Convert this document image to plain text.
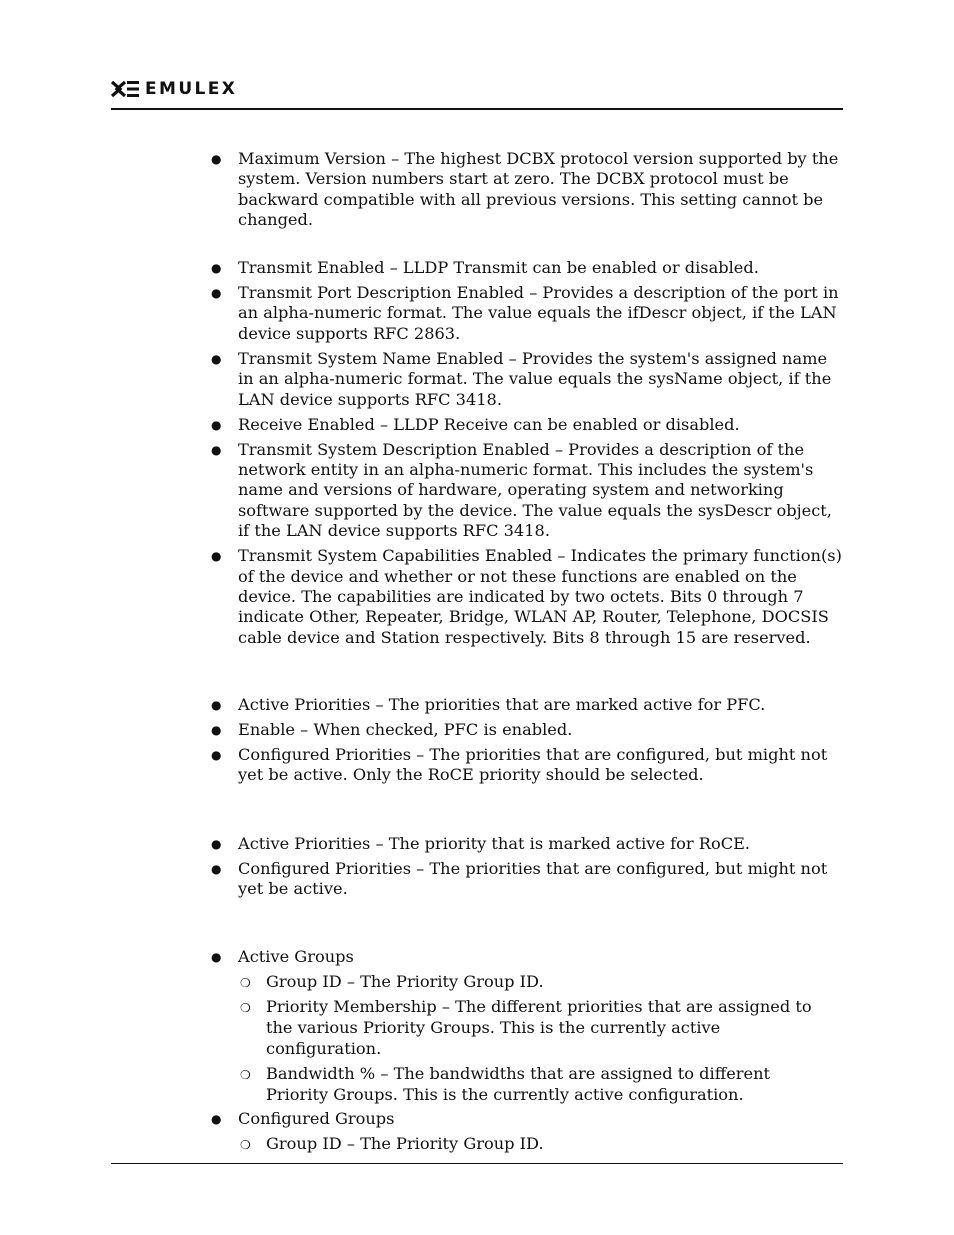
EMULEX
● Maximum Version – The highest DCBX protocol version supported by the system. Version numbers start at zero. The DCBX protocol must be backward compatible with all previous versions. This setting cannot be changed.
● Transmit Enabled – LLDP Transmit can be enabled or disabled.
● Transmit Port Description Enabled – Provides a description of the port in an alpha-numeric format. The value equals the ifDescr object, if the LAN device supports RFC 2863.
● Transmit System Name Enabled – Provides the system's assigned name in an alpha-numeric format. The value equals the sysName object, if the LAN device supports RFC 3418.
● Receive Enabled – LLDP Receive can be enabled or disabled.
● Transmit System Description Enabled – Provides a description of the network entity in an alpha-numeric format. This includes the system's name and versions of hardware, operating system and networking software supported by the device. The value equals the sysDescr object, if the LAN device supports RFC 3418.
● Transmit System Capabilities Enabled – Indicates the primary function(s) of the device and whether or not these functions are enabled on the device. The capabilities are indicated by two octets. Bits 0 through 7 indicate Other, Repeater, Bridge, WLAN AP, Router, Telephone, DOCSIS cable device and Station respectively. Bits 8 through 15 are reserved.
● Active Priorities – The priorities that are marked active for PFC.
● Enable – When checked, PFC is enabled.
● Configured Priorities – The priorities that are configured, but might not yet be active. Only the RoCE priority should be selected.
● Active Priorities – The priority that is marked active for RoCE.
● Configured Priorities – The priorities that are configured, but might not yet be active.
● Active Groups
❍ Group ID – The Priority Group ID.
❍ Priority Membership – The different priorities that are assigned to the various Priority Groups. This is the currently active configuration.
❍ Bandwidth % – The bandwidths that are assigned to different Priority Groups. This is the currently active configuration.
● Configured Groups
❍ Group ID – The Priority Group ID.
